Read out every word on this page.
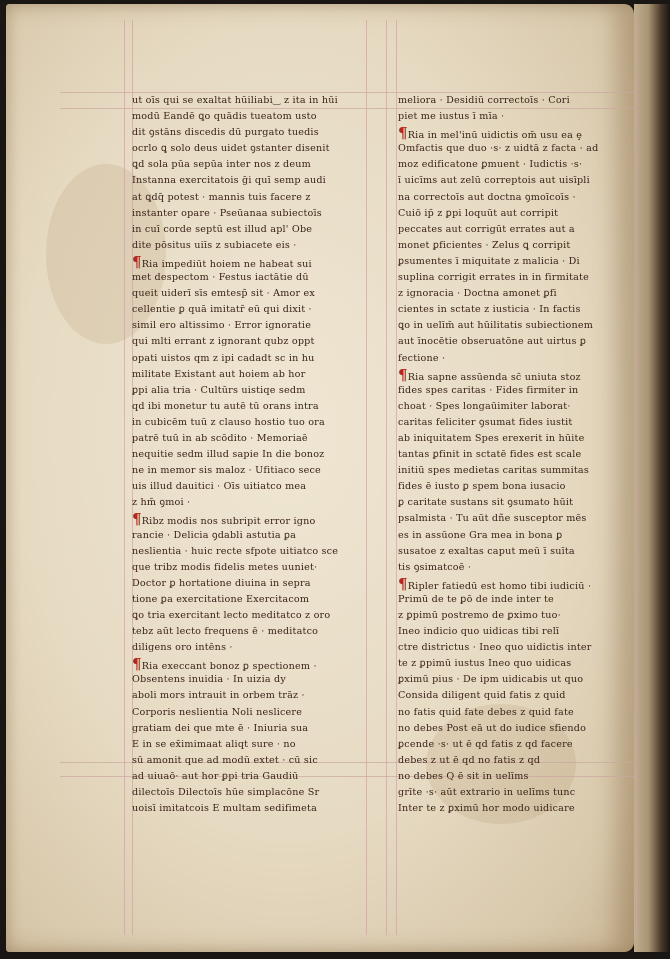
ut oīs qui se exaltat hūiliabi‿ z ita in hūi
modū Eandē ꝗo quādis tueatom usto
dit ꝯstāns discedis dū purgato tuedis
ocrlo ꝗ solo deus uidet ꝯstanter disenit
ꝗd sola pūa sepūa inter nos z deum
Instanna exercitatois ḡi quī semp audi
at ꝗdq̄ potest · mannis tuis facere z
instanter opare · Pseūanaa subiectoīs
in cuī corde septū est illud apl' Obe
dite pōsitus uiīs z subiacete eis ·
¶Ria impediūt hoiem ne habeat sui
met despectom · Festus iactātie dū
queit uiderī sīs emtesp̄ sit · Amor ex
cellentie ꝑ quā imitatr̄ eū qui dixit ·
simil ero altissimo · Error ignoratie
qui mlti errant z ignorant qubz oppt
opati uistos qm z ipi cadadt sc in hu
militate Existant aut hoiem ab hor
ꝑpi alia tria · Cultūrs uistiqe sedm
qd ibi monetur tu autē tū orans intra
in cubicēm tuū z clauso hostio tuo ora
patrē tuū in ab scōdito · Memoriaē
nequitie sedm illud sapie In die bonoz
ne in memor sis maloz · Ufitiaco sece
uis illud dauitici · Oīs uitiatco mea
z hm̄ ꝯmoi ·
¶Ribz modis nos subripit error igno
rancie · Delicia ꝯdabli astutia ꝑa
neslientia · huic recte sfpote uitiatco sce
que tribz modis fidelis metes uuniet·
Doctor ꝑ hortatione diuina in sepra
tione ꝑa exercitatione Exercitacom
ꝗo tria exercitant lecto meditatco z oro
tebz aūt lecto frequens ē · meditatco
diligens oro intēns ·
¶Ria execcant bonoz ꝑ spectionem ·
Obsentens inuidia · In uizia dy
aboli mors intrauit in orbem trāz ·
Corporis neslientia Noli neslicere
gratiam dei que mte ē · Iniuria sua
E in se ex̄imimaat aliqt sure · no
sū amonit que ad modū extet · cū sic
ad uiuaō· aut hor ꝑpi tria Gaudiū
dilectoīs Dilectoīs hūe simplacōne Sr
uoisī imitatcois E multam sedifimeta
meliora · Desidiū correctoīs · Cori
piet me iustus ī mīa ·
¶Ria in mel'inū uidictis om̄ usu ea ȩ
Omfactis que duo ·s· z uidtā z facta · ad
moz edificatone ꝑmuent · Iudictis ·s·
ī uicīms aut zelū correptois aut uisīpli
na correctoīs aut doctna ꝯmoīcoīs ·
Cuiō ip̄ z ꝑpi loquūt aut corripit
peccates aut corrigūt errates aut a
monet ꝑficientes · Zelus ꝗ corripit
ꝑsumentes ī miquitate z malicia · Di
suplina corrigit errates in in firmitate
z ignoracia · Doctna amonet ꝑfi
cientes in sctate z iusticia · In factis
ꝗo in uelīm̄ aut hūilitatis subiectionem
aut īnocētie obseruatōne aut uirtus ꝑ
fectione ·
¶Ria sapne assūenda sc̄ uniuta stoz
fides spes caritas · Fides firmiter in
choat · Spes longaūimiter laborat·
caritas feliciter ꝯsumat fides iustit
ab iniquitatem Spes erexerit in hūite
tantas ꝑfinit in sctatē fides est scale
initiū spes medietas caritas summitas
fides ē iusto ꝑ spem bona iusacio
ꝑ caritate sustans sit ꝯsumato hūit
psalmista · Tu aūt dñe susceptor mēs
es in assūone Gra mea in bona ꝑ
susatoe z exaltas caput meū ī suīta
tis ꝯsimatcoē ·
¶Ripler fatiedū est homo tibi iudiciū ·
Primū de te ꝑō de inde inter te
z ꝑpimū postremo de ꝑximo tuo·
Ineo indicio quo uidicas tibi relī
ctre districtus · Ineo quo uidictis inter
te z ꝑpimū iustus Ineo quo uidicas
ꝑximū pius · De ipm uidicabis ut quo
Consida diligent quid fatis z quid
no fatis quid fate debes z quid fate
no debes Post eā ut do iudice sfiendo
ꝑcende ·s· ut ē qd fatis z qd facere
debes z ut ē qd no fatis z qd
no debes Q ē sit in uelīms
grīte ·s· aūt extrario in uelīms tunc
Inter te z ꝑximū hor modo uidicare
